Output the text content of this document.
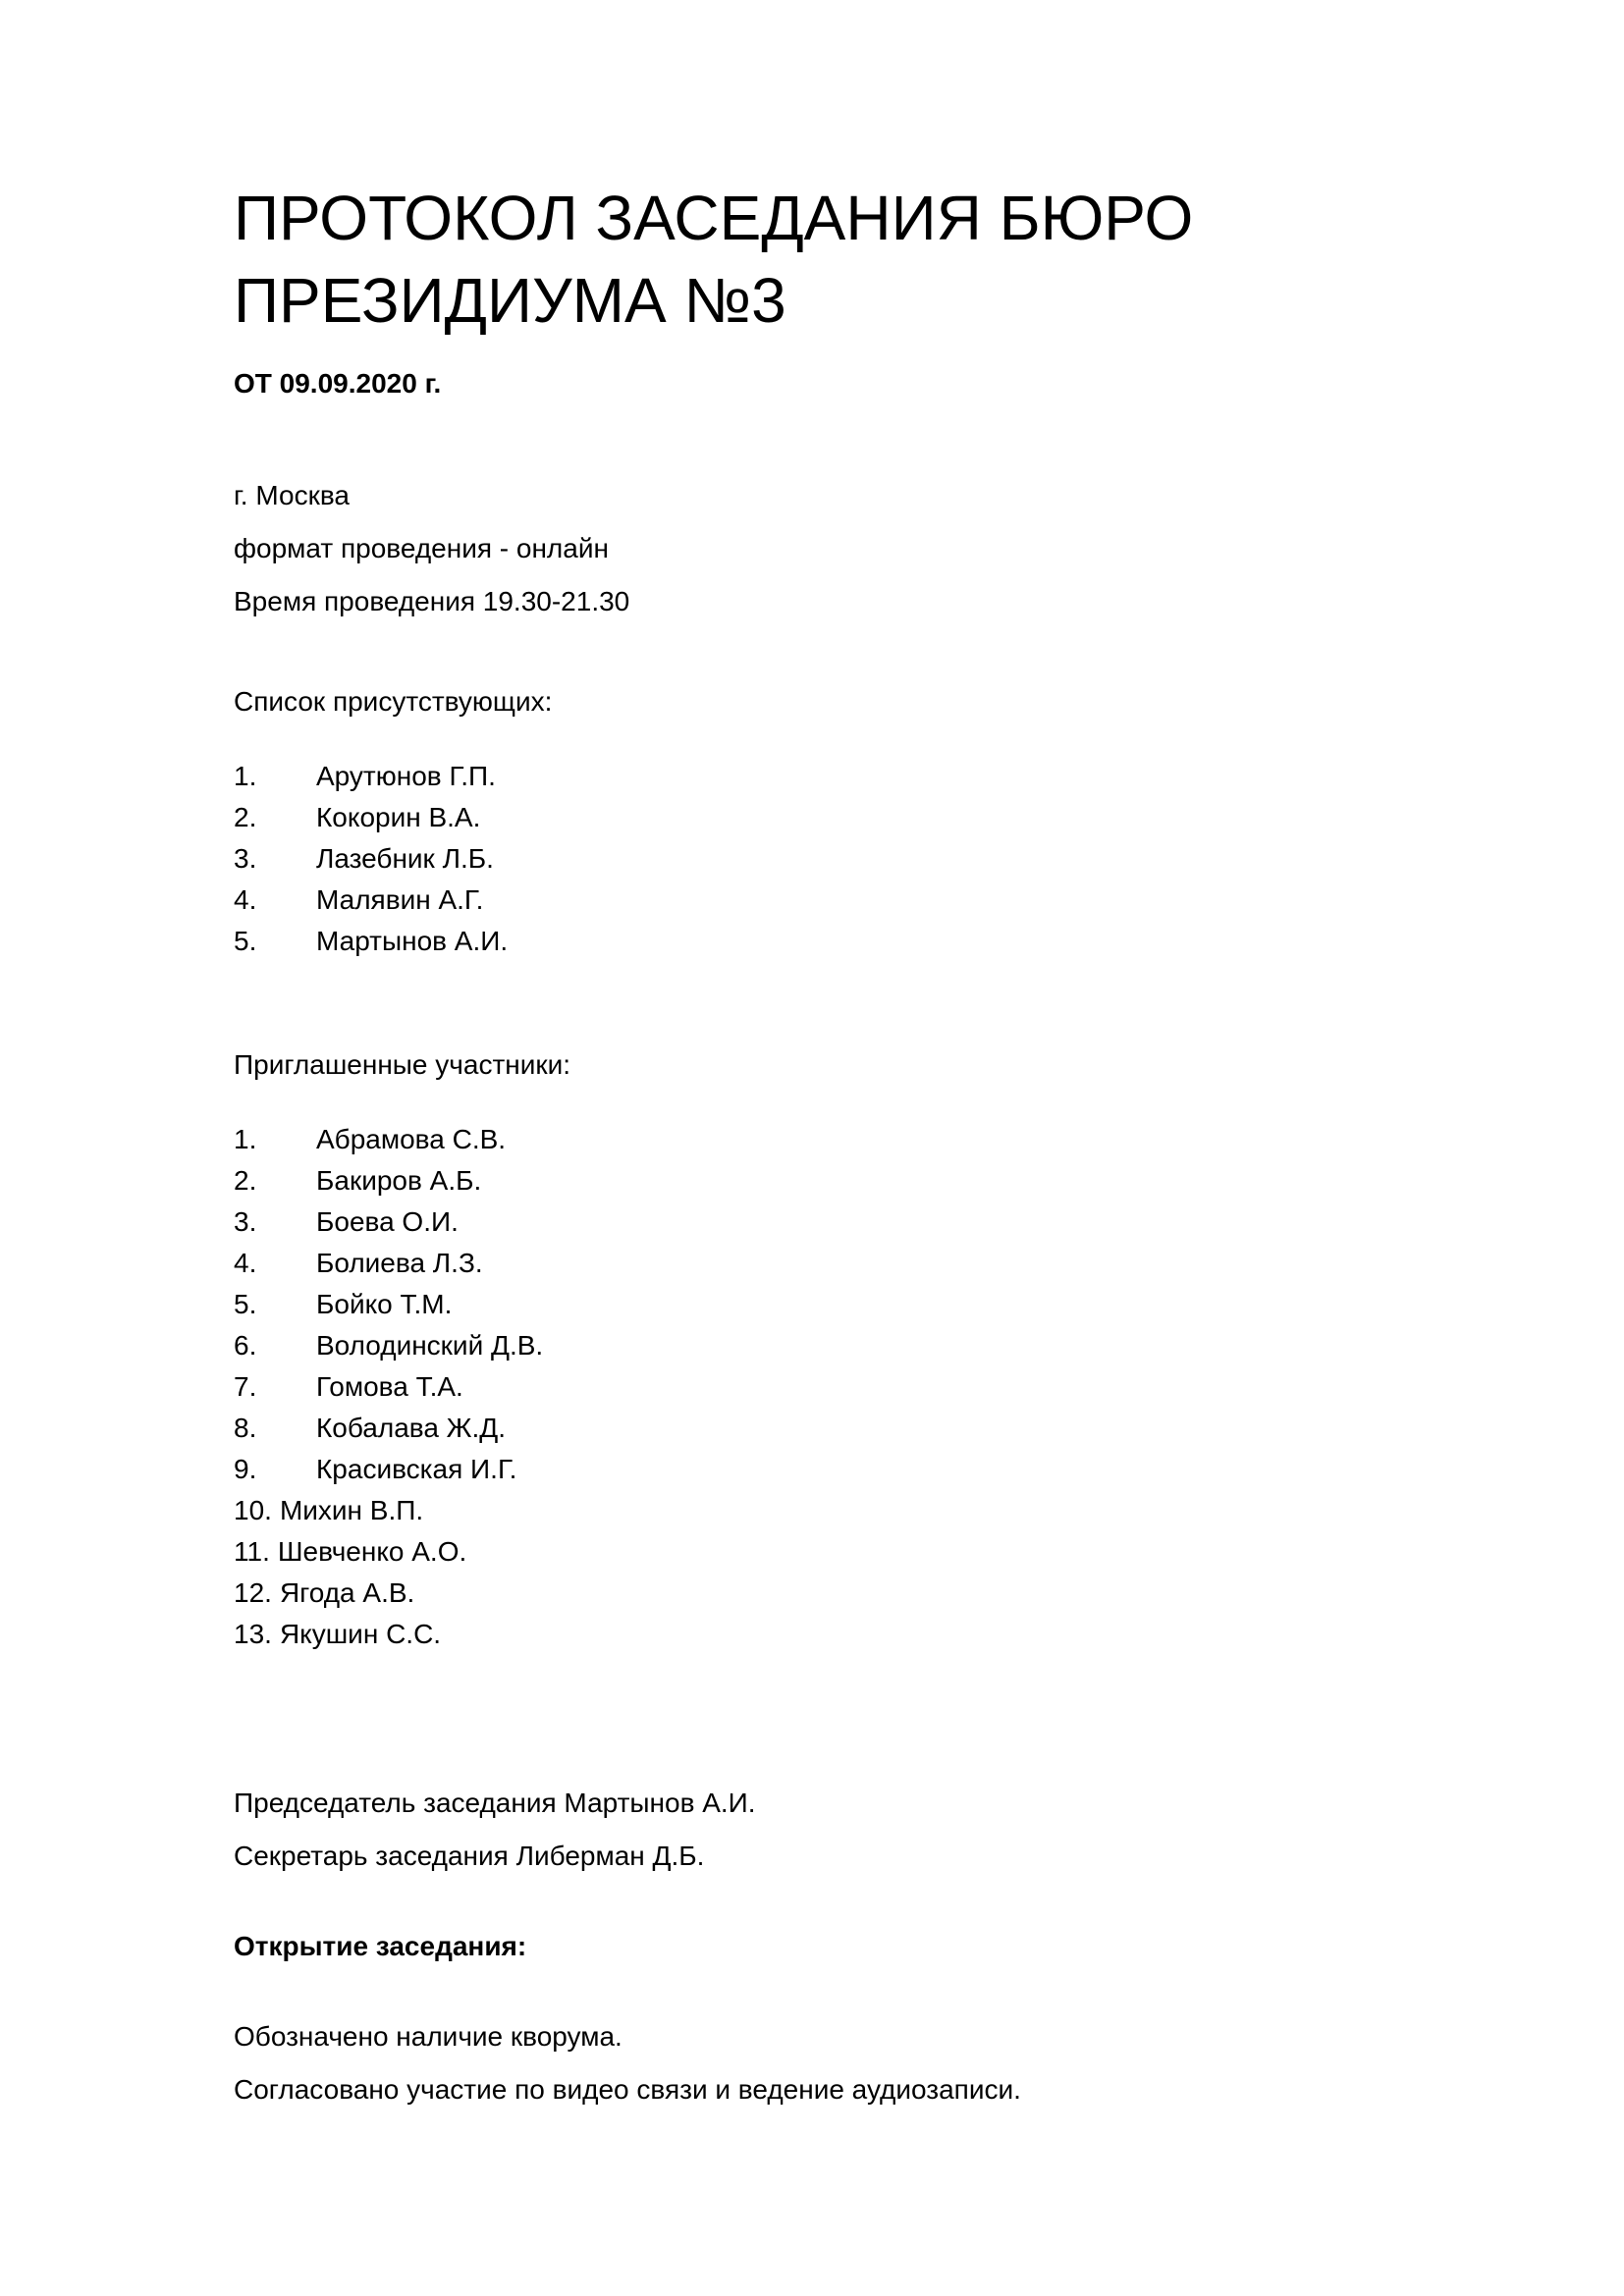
ПРОТОКОЛ ЗАСЕДАНИЯ БЮРО
ПРЕЗИДИУМА №3
ОТ 09.09.2020 г.

г. Москва

формат проведения - онлайн

Время проведения 19.30-21.30

Список присутствующих:

1.	Арутюнов Г.П.
2.	Кокорин В.А.
3.	Лазебник Л.Б.
4.	Малявин А.Г.
5.	Мартынов А.И.

Приглашенные участники:

1.	Абрамова С.В.
2.	Бакиров А.Б.
3.	Боева О.И.
4.	Болиева Л.З.
5.	Бойко Т.М.
6.	Володинский Д.В.
7.	Гомова Т.А.
8.	Кобалава Ж.Д.
9.	Красивская И.Г.
10. Михин В.П.
11. Шевченко А.О.
12. Ягода А.В.
13. Якушин С.С.

Председатель заседания Мартынов А.И.

Секретарь заседания Либерман Д.Б.

Открытие заседания:

Обозначено наличие кворума.

Согласовано участие по видео связи и ведение аудиозаписи.
